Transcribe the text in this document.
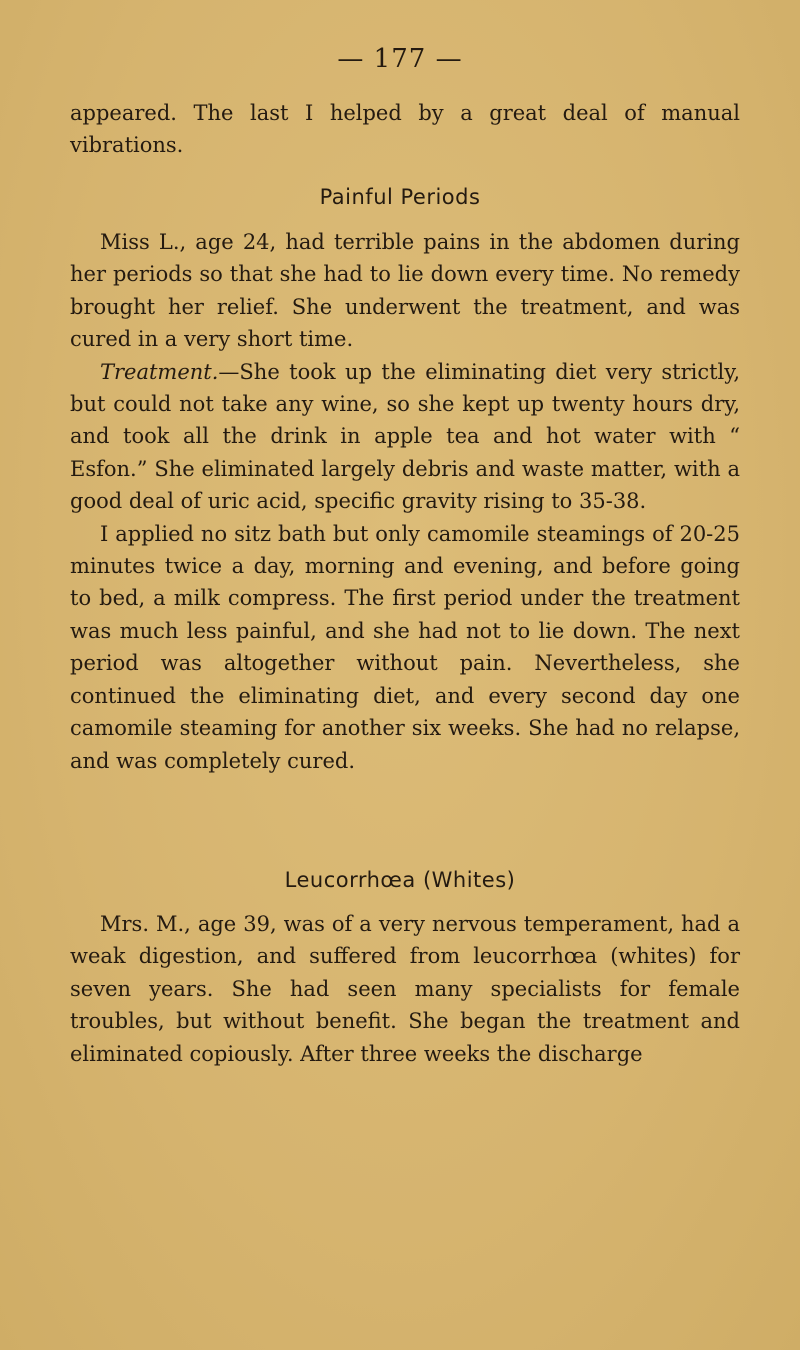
— 177 —

appeared. The last I helped by a great deal of manual vibrations.

Painful Periods

Miss L., age 24, had terrible pains in the abdomen during her periods so that she had to lie down every time. No remedy brought her relief. She underwent the treatment, and was cured in a very short time.

Treatment.—She took up the eliminating diet very strictly, but could not take any wine, so she kept up twenty hours dry, and took all the drink in apple tea and hot water with “ Esfon.” She eliminated largely debris and waste matter, with a good deal of uric acid, specific gravity rising to 35-38.

I applied no sitz bath but only camomile steamings of 20-25 minutes twice a day, morning and evening, and before going to bed, a milk compress. The first period under the treatment was much less painful, and she had not to lie down. The next period was altogether without pain. Nevertheless, she continued the eliminating diet, and every second day one camomile steaming for another six weeks. She had no relapse, and was completely cured.

Leucorrhœa (Whites)

Mrs. M., age 39, was of a very nervous temperament, had a weak digestion, and suffered from leucorrhœa (whites) for seven years. She had seen many specialists for female troubles, but without benefit. She began the treatment and eliminated copiously. After three weeks the discharge
